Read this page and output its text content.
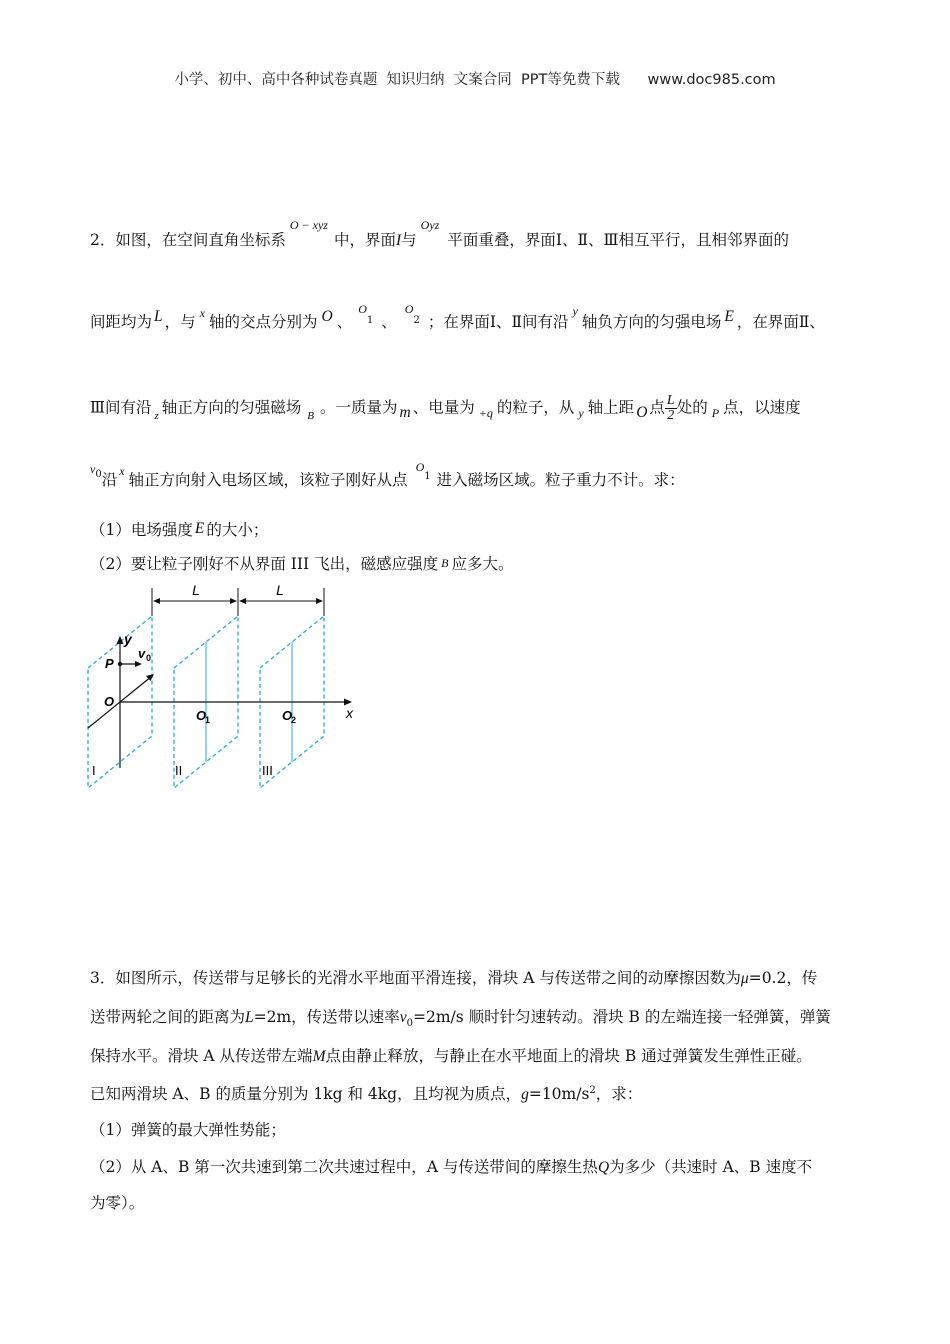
小学、初中、高中各种试卷真题  知识归纳  文案合同  PPT等免费下载      www.doc985.com
2．如图，在空间直角坐标系$^{O - xyz}$中，界面I与$^{Oyz}$平面重叠，界面Ⅰ、Ⅱ、Ⅲ相互平行，且相邻界面的
间距均为 L ，与 $^x$ 轴的交点分别为 O 、$^O_1$ 、$^O_2$ ；在界面Ⅰ、Ⅱ间有沿$^y$轴负方向的匀强电场 E ，在界面Ⅱ、
Ⅲ间有沿 $_z$ 轴正方向的匀强磁场 $_B$ 。一质量为 m 、电量为 $_{+q}$ 的粒子，从 $_y$ 轴上距 O 点 $\frac{L}{2}$ 处的 $_P$ 点，以速度
$^v_0$沿 $^x$ 轴正方向射入电场区域，该粒子刚好从点$^O_1$ 进入磁场区域。粒子重力不计。求：
（1）电场强度 E 的大小；
（2）要让粒子刚好不从界面 III 飞出，磁感应强度 B 应多大。
L	L
y
P
v 0
O
O
1	O
2	x
I	II	III
3．如图所示，传送带与足够长的光滑水平地面平滑连接，滑块 A 与传送带之间的动摩擦因数为μ=0.2，传
送带两轮之间的距离为L=2m，传送带以速率$v_0=2m/s$ 顺时针匀速转动。滑块 B 的左端连接一轻弹簧，弹簧
保持水平。滑块 A 从传送带左端M点由静止释放，与静止在水平地面上的滑块 B 通过弹簧发生弹性正碰。
已知两滑块 A、B 的质量分别为 1kg 和 4kg，且均视为质点，$g=10m/s^2$，求：
（1）弹簧的最大弹性势能；
（2）从 A、B 第一次共速到第二次共速过程中，A 与传送带间的摩擦生热Q为多少（共速时 A、B 速度不
为零）。
